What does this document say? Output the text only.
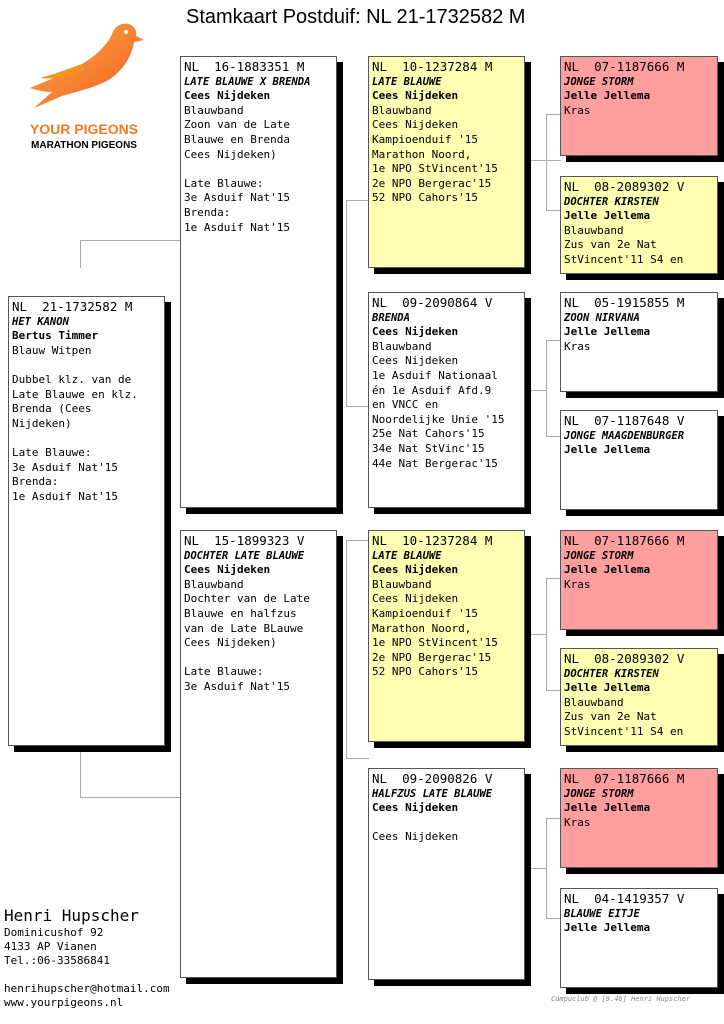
Stamkaart Postduif: NL 21-1732582 M
YOUR PIGEONS
MARATHON PIGEONS
NL  21-1732582 M
HET KANON
Bertus Timmer
Blauw Witpen

Dubbel klz. van de
Late Blauwe en klz.
Brenda (Cees
Nijdeken)

Late Blauwe:
3e Asduif Nat'15
Brenda:
1e Asduif Nat'15
NL  16-1883351 M
LATE BLAUWE X BRENDA
Cees Nijdeken
Blauwband
Zoon van de Late
Blauwe en Brenda
Cees Nijdeken)

Late Blauwe:
3e Asduif Nat'15
Brenda:
1e Asduif Nat'15
NL  15-1899323 V
DOCHTER LATE BLAUWE
Cees Nijdeken
Blauwband
Dochter van de Late
Blauwe en halfzus
van de Late BLauwe
Cees Nijdeken)

Late Blauwe:
3e Asduif Nat'15
NL  10-1237284 M
LATE BLAUWE
Cees Nijdeken
Blauwband
Cees Nijdeken
Kampioenduif '15
Marathon Noord,
1e NPO StVincent'15
2e NPO Bergerac'15
52 NPO Cahors'15
NL  09-2090864 V
BRENDA
Cees Nijdeken
Blauwband
Cees Nijdeken
1e Asduif Nationaal
én 1e Asduif Afd.9
en VNCC en
Noordelijke Unie '15
25e Nat Cahors'15
34e Nat StVinc'15
44e Nat Bergerac'15
NL  10-1237284 M
LATE BLAUWE
Cees Nijdeken
Blauwband
Cees Nijdeken
Kampioenduif '15
Marathon Noord,
1e NPO StVincent'15
2e NPO Bergerac'15
52 NPO Cahors'15
NL  09-2090826 V
HALFZUS LATE BLAUWE
Cees Nijdeken

Cees Nijdeken
NL  07-1187666 M
JONGE STORM
Jelle Jellema
Kras
NL  08-2089302 V
DOCHTER KIRSTEN
Jelle Jellema
Blauwband
Zus van 2e Nat
StVincent'11 S4 en
NL  05-1915855 M
ZOON NIRVANA
Jelle Jellema
Kras
NL  07-1187648 V
JONGE MAAGDENBURGER
Jelle Jellema
NL  07-1187666 M
JONGE STORM
Jelle Jellema
Kras
NL  08-2089302 V
DOCHTER KIRSTEN
Jelle Jellema
Blauwband
Zus van 2e Nat
StVincent'11 S4 en
NL  07-1187666 M
JONGE STORM
Jelle Jellema
Kras
NL  04-1419357 V
BLAUWE EITJE
Jelle Jellema
Henri Hupscher
Dominicushof 92
4133 AP Vianen
Tel.:06-33586841
henrihupscher@hotmail.com
www.yourpigeons.nl	Compuclub @ [9.46] Henri Hupscher
